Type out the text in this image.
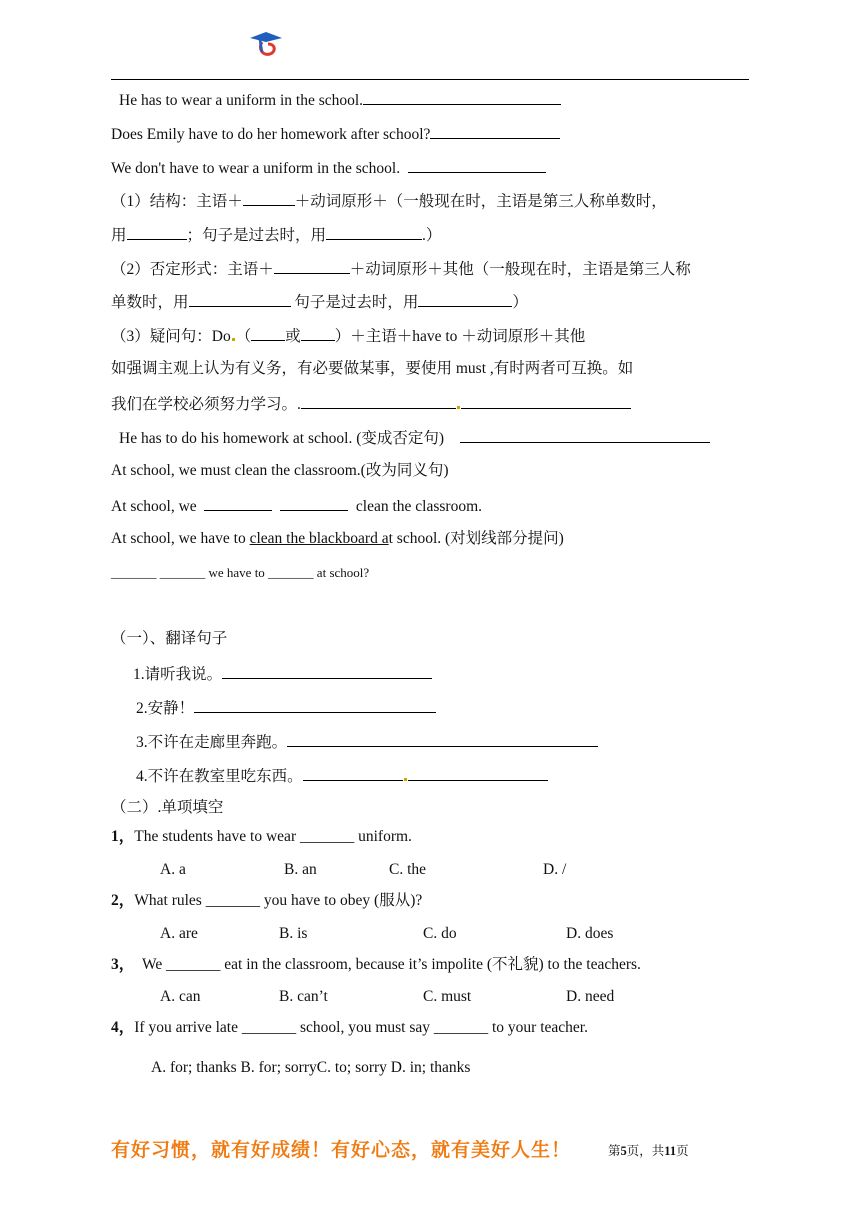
He has to wear a uniform in the school.
Does Emily have to do her homework after school?
We don't have to wear a uniform in the school.
（1）结构：主语＋	＋动词原形＋（一般现在时，主语是第三人称单数时，
用	；句子是过去时，用	.）
（2）否定形式：主语＋	＋动词原形＋其他（一般现在时，主语是第三人称
单数时，用	句子是过去时，用	）
（3）疑问句：Do （ 或 ）＋主语＋have to ＋动词原形＋其他
如强调主观上认为有义务，有必要做某事，要使用 must ,有时两者可互换。如
我们在学校必须努力学习。.
He has to do his homework at school. (变成否定句)
At school, we must clean the classroom.(改为同义句)
At school, we	clean the classroom.
At school, we have to clean the blackboard at school. (对划线部分提问)
_______ _______ we have to _______ at school?
（一）、翻译句子
1.请听我说。
2.安静！
3.不许在走廊里奔跑。
4.不许在教室里吃东西。
（二）.单项填空
1，The students have to wear _______ uniform.
A. a	B. an	C. the	D. /
2，What rules _______ you have to obey (服从)?
A. are	B. is	C. do	D. does
3， We _______ eat in the classroom, because it’s impolite (不礼貌) to the teachers.
A. can	B. can’t	C. must	D. need
4，If you arrive late _______ school, you must say _______ to your teacher.
A. for; thanks B. for; sorryC. to; sorry D. in; thanks
有好习惯，就有好成绩！有好心态，就有美好人生！	第5页，共11页
